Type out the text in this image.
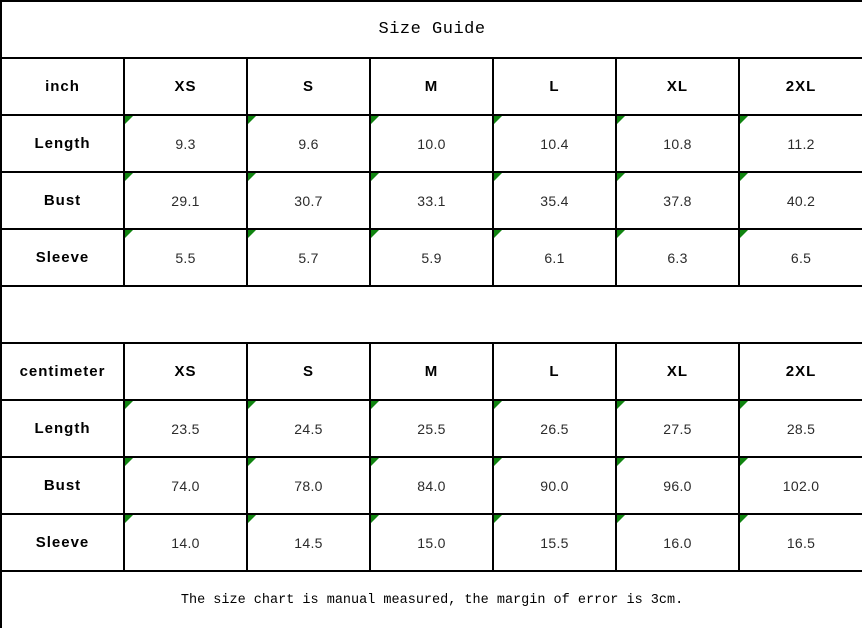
Size Guide						
inch	XS	S	M	L	XL	2XL
Length	9.3	9.6	10.0	10.4	10.8	11.2
Bust	29.1	30.7	33.1	35.4	37.8	40.2
Sleeve	5.5	5.7	5.9	6.1	6.3	6.5

centimeter	XS	S	M	L	XL	2XL
Length	23.5	24.5	25.5	26.5	27.5	28.5
Bust	74.0	78.0	84.0	90.0	96.0	102.0
Sleeve	14.0	14.5	15.0	15.5	16.0	16.5
The size chart is manual measured, the margin of error is 3cm.						
